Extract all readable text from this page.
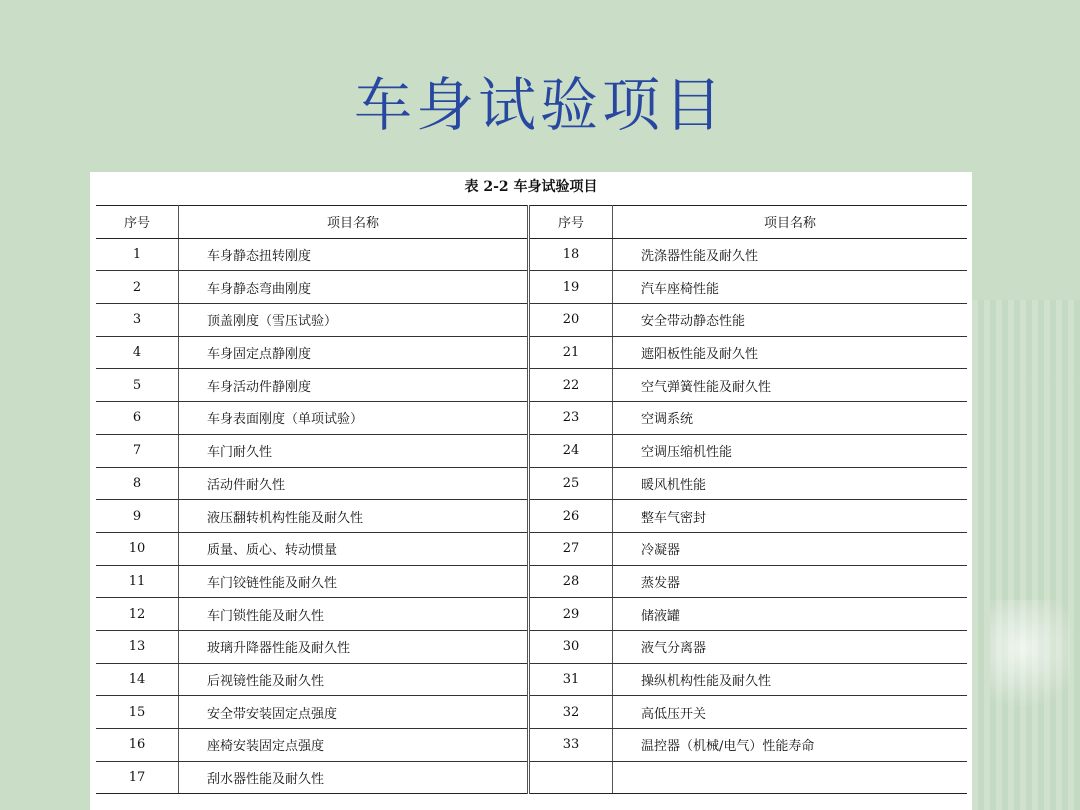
车身试验项目
表 2-2 车身试验项目
序号	项目名称	序号	项目名称
1	车身静态扭转刚度	18	洗涤器性能及耐久性
2	车身静态弯曲刚度	19	汽车座椅性能
3	顶盖刚度（雪压试验）	20	安全带动静态性能
4	车身固定点静刚度	21	遮阳板性能及耐久性
5	车身活动件静刚度	22	空气弹簧性能及耐久性
6	车身表面刚度（单项试验）	23	空调系统
7	车门耐久性	24	空调压缩机性能
8	活动件耐久性	25	暖风机性能
9	液压翻转机构性能及耐久性	26	整车气密封
10	质量、质心、转动惯量	27	冷凝器
11	车门铰链性能及耐久性	28	蒸发器
12	车门锁性能及耐久性	29	储液罐
13	玻璃升降器性能及耐久性	30	液气分离器
14	后视镜性能及耐久性	31	操纵机构性能及耐久性
15	安全带安装固定点强度	32	高低压开关
16	座椅安装固定点强度	33	温控器（机械/电气）性能寿命
17	刮水器性能及耐久性		
